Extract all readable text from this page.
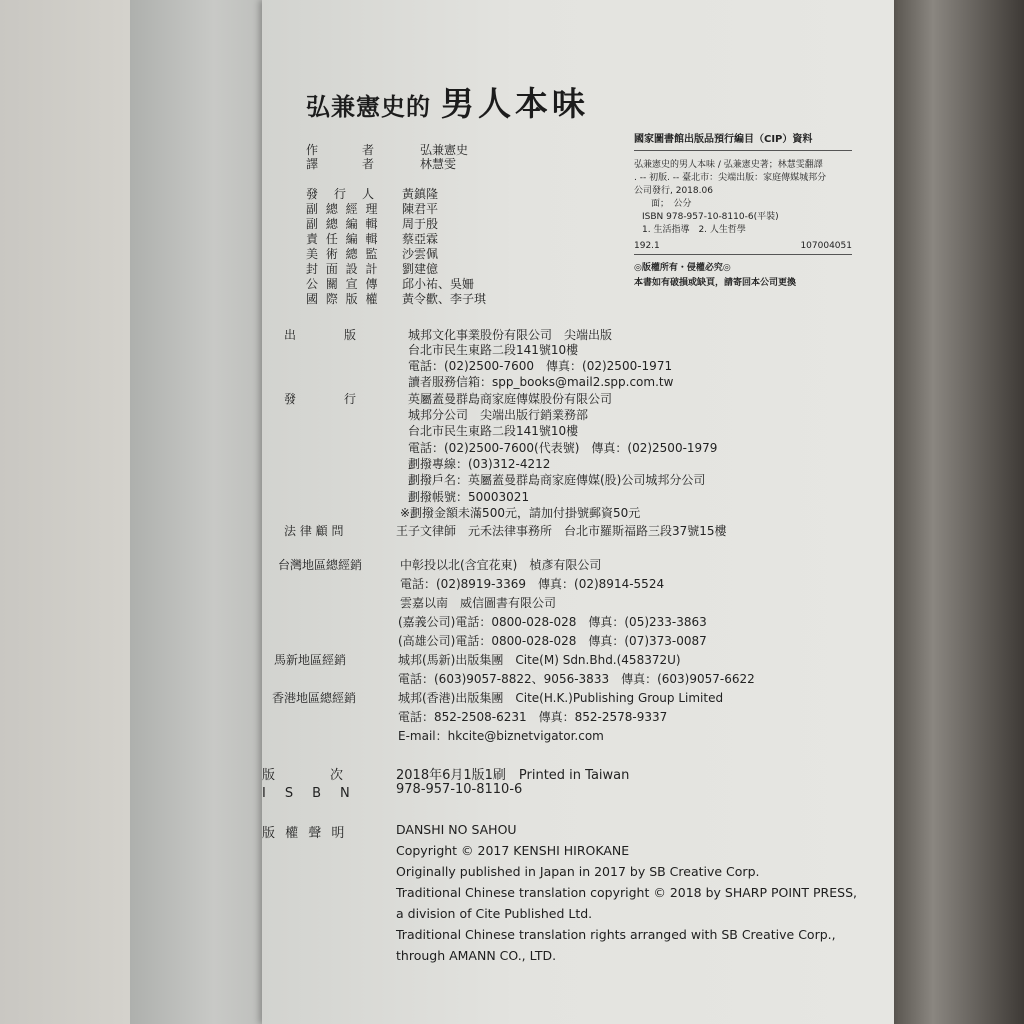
弘兼憲史的 男人本味
作　　　者	弘兼憲史
譯　　　者	林慧雯
發　行　人 黃鎮隆
副 總 經 理 陳君平
副 總 編 輯 周于殷
責 任 編 輯 蔡亞霖
美 術 總 監 沙雲佩
封 面 設 計 劉建億
公 關 宣 傳 邱小祐、吳姍
國 際 版 權 黃令歡、李子琪
國家圖書館出版品預行編目（CIP）資料
弘兼憲史的男人本味 / 弘兼憲史著；林慧雯翻譯
. -- 初版. -- 臺北市：尖端出版：家庭傳媒城邦分
公司發行, 2018.06
　面；　公分
ISBN 978-957-10-8110-6(平裝)
1. 生活指導　2. 人生哲學
192.1	107004051
◎版權所有・侵權必究◎
本書如有破損或缺頁，請寄回本公司更換
出　　　　版	城邦文化事業股份有限公司　尖端出版
台北市民生東路二段141號10樓
電話：(02)2500-7600　傳真：(02)2500-1971
讀者服務信箱：spp_books@mail2.spp.com.tw
發　　　　行	英屬蓋曼群島商家庭傳媒股份有限公司
城邦分公司　尖端出版行銷業務部
台北市民生東路二段141號10樓
電話：(02)2500-7600(代表號)　傳真：(02)2500-1979
劃撥專線：(03)312-4212
劃撥戶名：英屬蓋曼群島商家庭傳媒(股)公司城邦分公司
劃撥帳號：50003021
※劃撥金額未滿500元，請加付掛號郵資50元
法 律 顧 問	王子文律師　元禾法律事務所　台北市羅斯福路三段37號15樓
台灣地區總經銷	中彰投以北(含宜花東)　楨彥有限公司
電話：(02)8919-3369　傳真：(02)8914-5524
雲嘉以南　威信圖書有限公司
(嘉義公司)電話：0800-028-028　傳真：(05)233-3863
(高雄公司)電話：0800-028-028　傳真：(07)373-0087
馬新地區經銷	城邦(馬新)出版集團　Cite(M) Sdn.Bhd.(458372U)
電話：(603)9057-8822、9056-3833　傳真：(603)9057-6622
香港地區總經銷	城邦(香港)出版集團　Cite(H.K.)Publishing Group Limited
電話：852-2508-6231　傳真：852-2578-9337
E-mail：hkcite@biznetvigator.com
版　　　次	2018年6月1版1刷　Printed in Taiwan
I　S　B　N	978-957-10-8110-6
版 權 聲 明	DANSHI NO SAHOU
Copyright © 2017 KENSHI HIROKANE
Originally published in Japan in 2017 by SB Creative Corp.
Traditional Chinese translation copyright © 2018 by SHARP POINT PRESS,
a division of Cite Published Ltd.
Traditional Chinese translation rights arranged with SB Creative Corp.,
through AMANN CO., LTD.
